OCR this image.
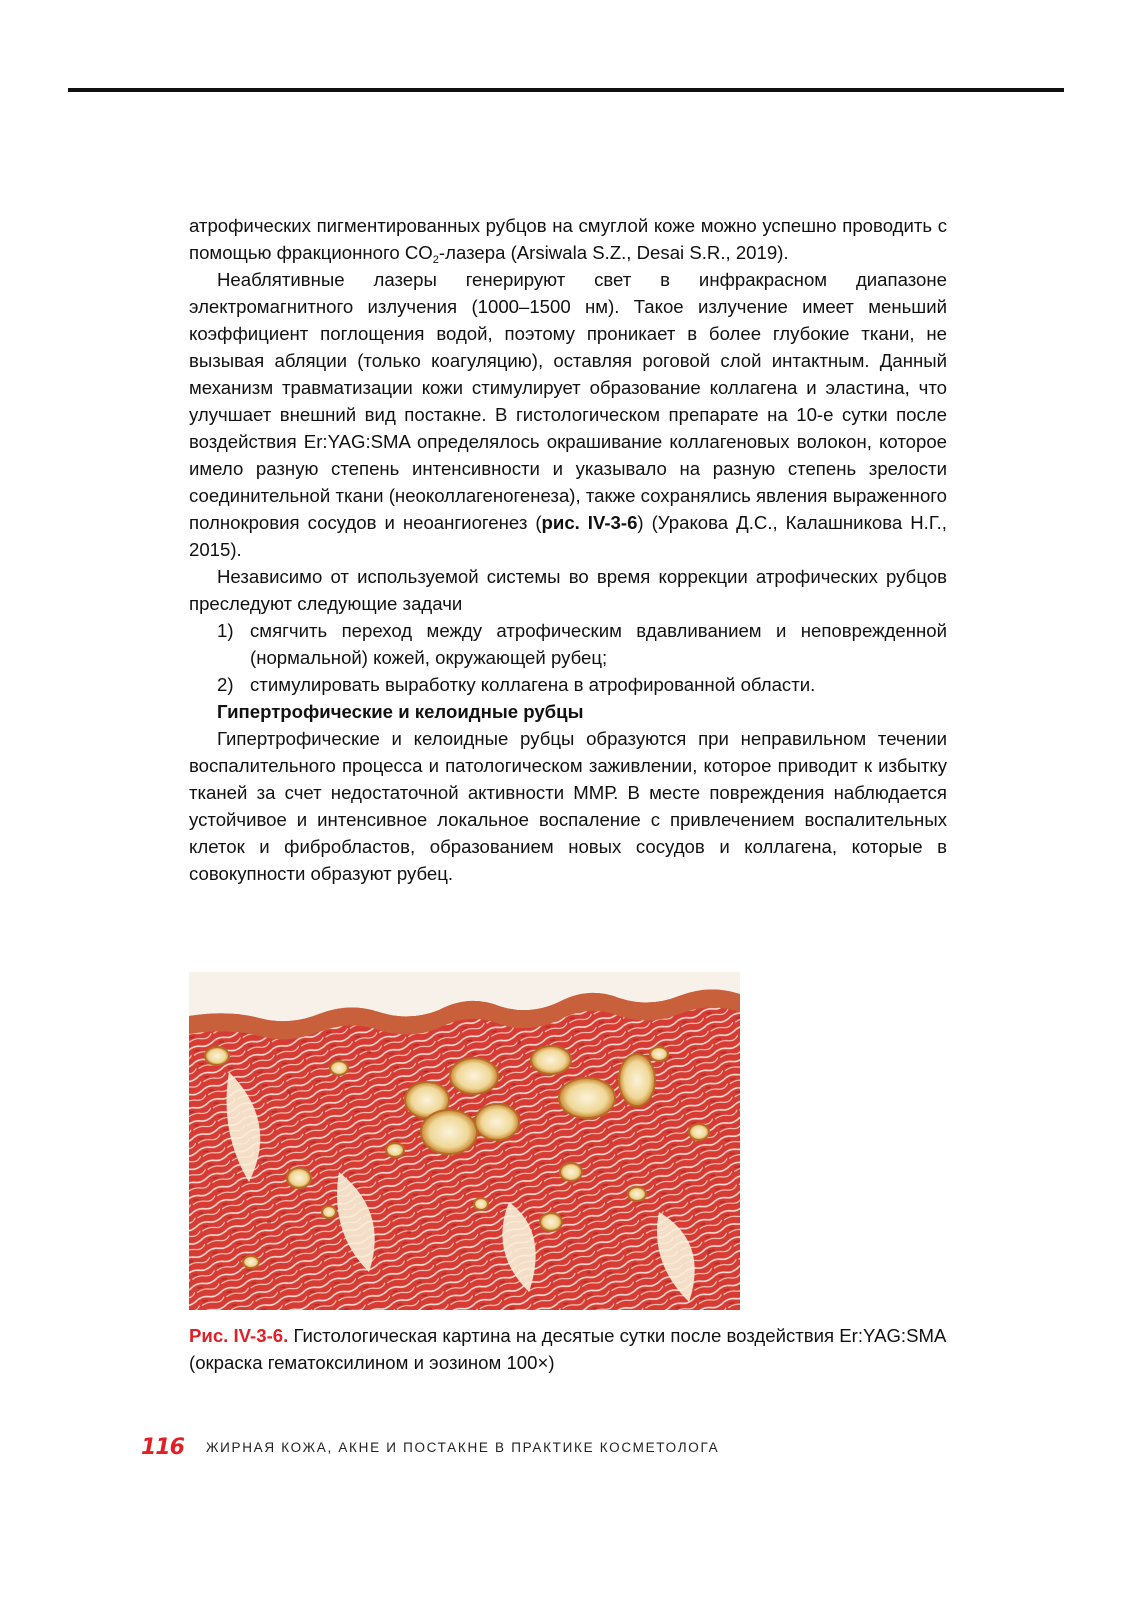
атрофических пигментированных рубцов на смуглой коже можно успешно проводить с помощью фракционного $CO_2$-лазера (Arsiwala S.Z., Desai S.R., 2019).

Неаблятивные лазеры генерируют свет в инфракрасном диапазоне электромагнитного излучения (1000–1500 нм). Такое излучение имеет меньший коэффициент поглощения водой, поэтому проникает в более глубокие ткани, не вызывая абляции (только коагуляцию), оставляя роговой слой интактным. Данный механизм травматизации кожи стимулирует образование коллагена и эластина, что улучшает внешний вид постакне. В гистологическом препарате на 10-е сутки после воздействия Er:YAG:SMA определялось окрашивание коллагеновых волокон, которое имело разную степень интенсивности и указывало на разную степень зрелости соединительной ткани (неоколлагеногенеза), также сохранялись явления выраженного полнокровия сосудов и неоангиогенез (рис. IV-3-6) (Уракова Д.С., Калашникова Н.Г., 2015).

Независимо от используемой системы во время коррекции атрофических рубцов преследуют следующие задачи

1) смягчить переход между атрофическим вдавливанием и неповрежденной (нормальной) кожей, окружающей рубец;
2) стимулировать выработку коллагена в атрофированной области.

Гипертрофические и келоидные рубцы

Гипертрофические и келоидные рубцы образуются при неправильном течении воспалительного процесса и патологическом заживлении, которое приводит к избытку тканей за счет недостаточной активности ММР. В месте повреждения наблюдается устойчивое и интенсивное локальное воспаление с привлечением воспалительных клеток и фибробластов, образованием новых сосудов и коллагена, которые в совокупности образуют рубец.

Рис. IV-3-6. Гистологическая картина на десятые сутки после воздействия Er:YAG:SMA (окраска гематоксилином и эозином 100×)
116 ЖИРНАЯ КОЖА, АКНЕ И ПОСТАКНЕ В ПРАКТИКЕ КОСМЕТОЛОГА
